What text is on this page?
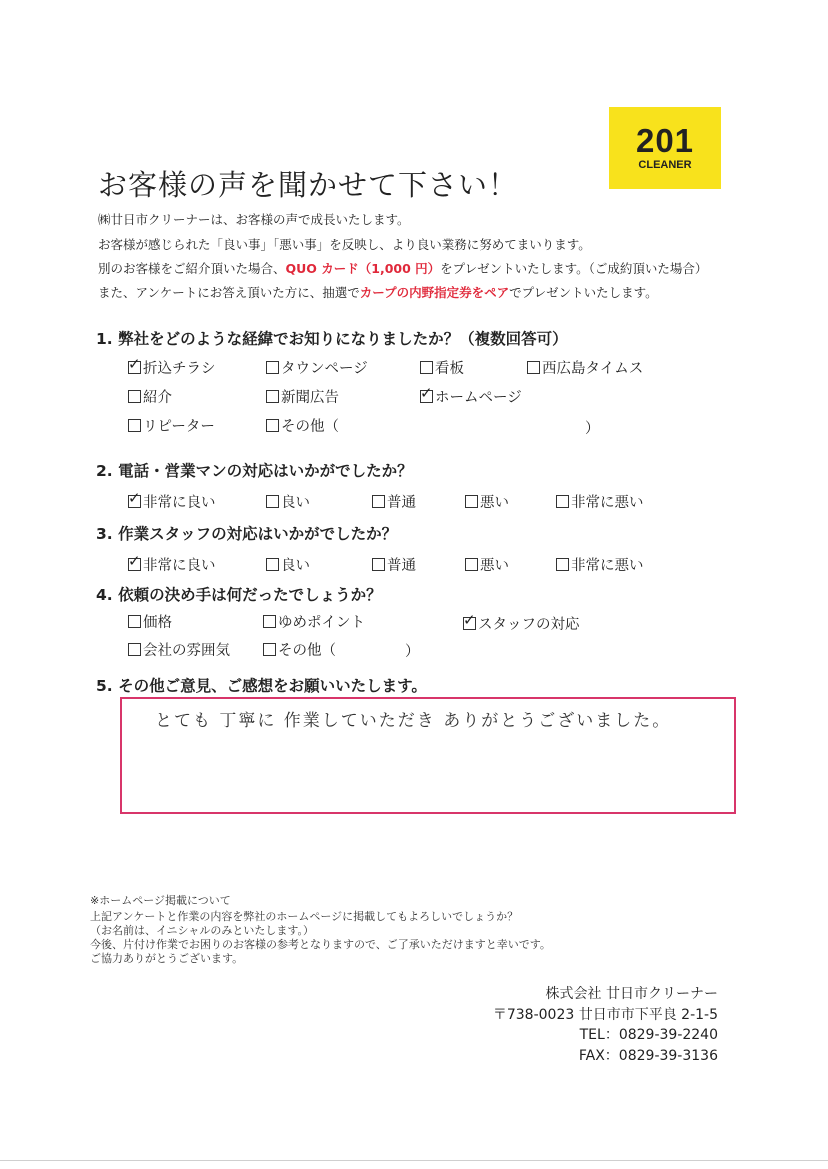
201
CLEANER
お客様の声を聞かせて下さい！
㈱廿日市クリーナーは、お客様の声で成長いたします。
お客様が感じられた「良い事」「悪い事」を反映し、より良い業務に努めてまいります。
別のお客様をご紹介頂いた場合、QUO カード（1,000 円）をプレゼントいたします。（ご成約頂いた場合）
また、アンケートにお答え頂いた方に、抽選でカープの内野指定券をペアでプレゼントいたします。
1. 弊社をどのような経緯でお知りになりましたか？（複数回答可）
✓ 折込チラシ	タウンページ	看板	西広島タイムス
紹介	新聞広告	✓ ホームページ
リピーター	その他（	）
2. 電話・営業マンの対応はいかがでしたか？
✓ 非常に良い	良い	普通	悪い	非常に悪い
3. 作業スタッフの対応はいかがでしたか？
✓ 非常に良い	良い	普通	悪い	非常に悪い
4. 依頼の決め手は何だったでしょうか？
価格	ゆめポイント	✓ スタッフの対応
会社の雰囲気	その他（	）
5. その他ご意見、ご感想をお願いいたします。
とても 丁寧に 作業していただき ありがとうございました。
※ホームページ掲載について
上記アンケートと作業の内容を弊社のホームページに掲載してもよろしいでしょうか？
（お名前は、イニシャルのみといたします。）
今後、片付け作業でお困りのお客様の参考となりますので、ご了承いただけますと幸いです。
ご協力ありがとうございます。
株式会社 廿日市クリーナー
〒738-0023 廿日市市下平良 2-1-5
TEL：0829-39-2240
FAX：0829-39-3136
